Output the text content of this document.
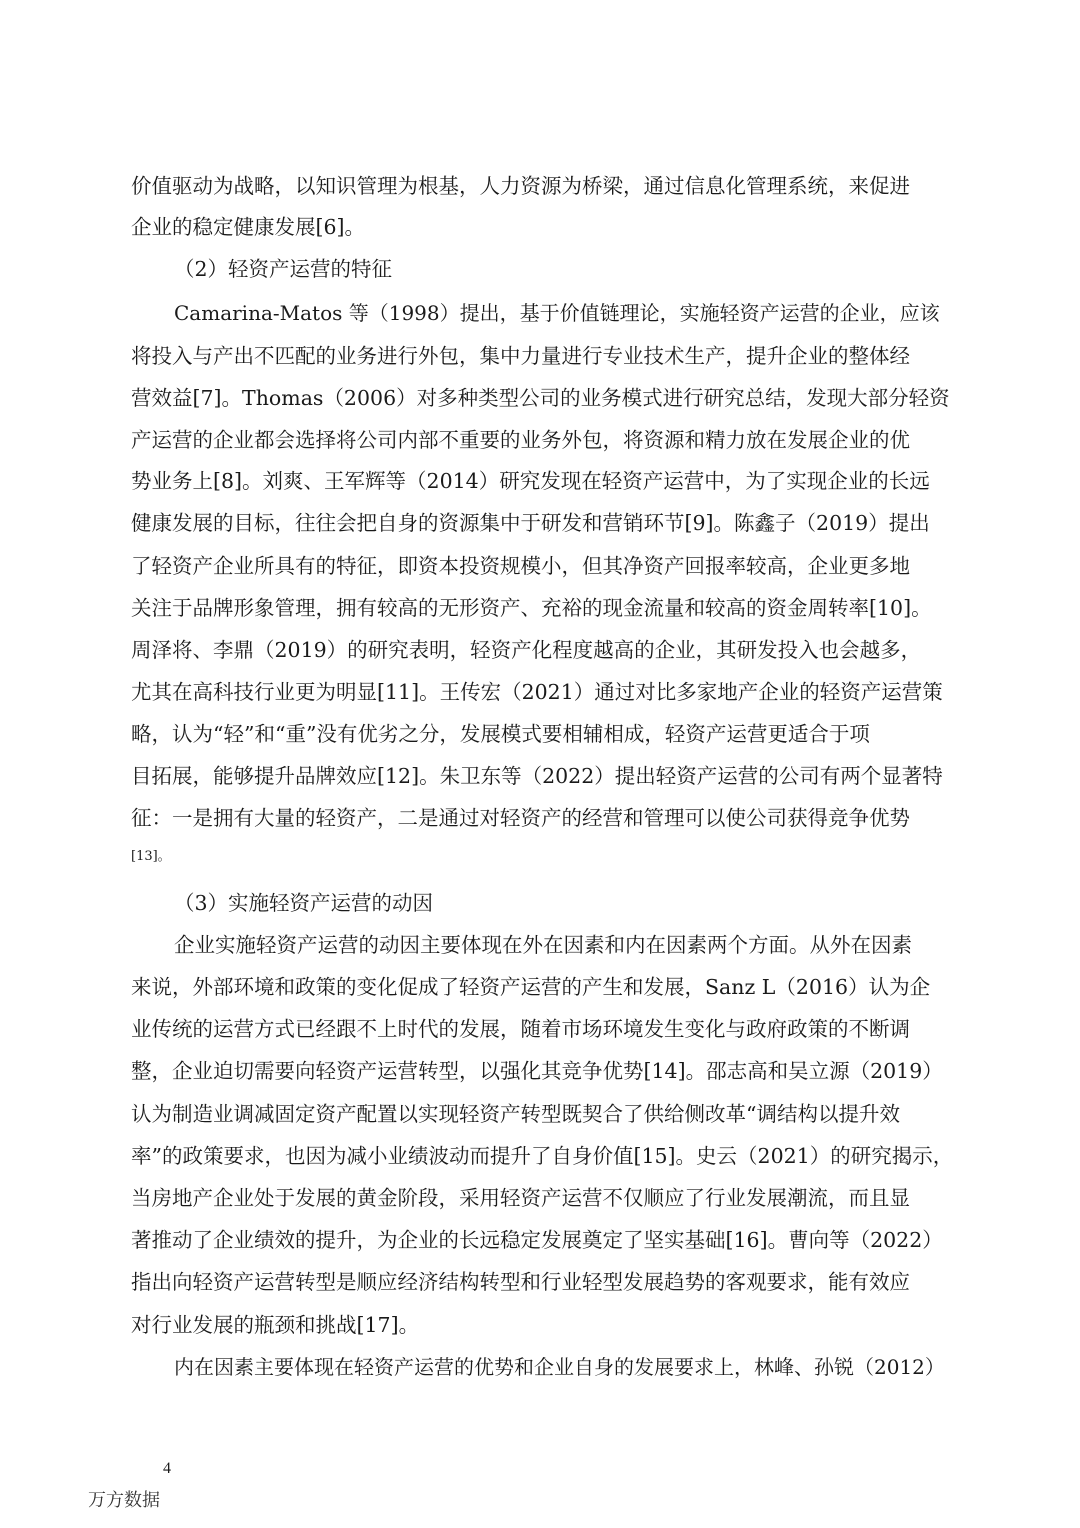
价值驱动为战略，以知识管理为根基，人力资源为桥梁，通过信息化管理系统，来促进
企业的稳定健康发展[6]。
（2）轻资产运营的特征
Camarina-Matos 等（1998）提出，基于价值链理论，实施轻资产运营的企业，应该
将投入与产出不匹配的业务进行外包，集中力量进行专业技术生产，提升企业的整体经
营效益[7]。Thomas（2006）对多种类型公司的业务模式进行研究总结，发现大部分轻资
产运营的企业都会选择将公司内部不重要的业务外包，将资源和精力放在发展企业的优
势业务上[8]。刘爽、王军辉等（2014）研究发现在轻资产运营中，为了实现企业的长远
健康发展的目标，往往会把自身的资源集中于研发和营销环节[9]。陈鑫子（2019）提出
了轻资产企业所具有的特征，即资本投资规模小，但其净资产回报率较高，企业更多地
关注于品牌形象管理，拥有较高的无形资产、充裕的现金流量和较高的资金周转率[10]。
周泽将、李鼎（2019）的研究表明，轻资产化程度越高的企业，其研发投入也会越多，
尤其在高科技行业更为明显[11]。王传宏（2021）通过对比多家地产企业的轻资产运营策
略，认为“轻”和“重”没有优劣之分，发展模式要相辅相成，轻资产运营更适合于项
目拓展，能够提升品牌效应[12]。朱卫东等（2022）提出轻资产运营的公司有两个显著特
征：一是拥有大量的轻资产，二是通过对轻资产的经营和管理可以使公司获得竞争优势
[13]。
（3）实施轻资产运营的动因
企业实施轻资产运营的动因主要体现在外在因素和内在因素两个方面。从外在因素
来说，外部环境和政策的变化促成了轻资产运营的产生和发展，Sanz L（2016）认为企
业传统的运营方式已经跟不上时代的发展，随着市场环境发生变化与政府政策的不断调
整，企业迫切需要向轻资产运营转型，以强化其竞争优势[14]。邵志高和吴立源（2019）
认为制造业调减固定资产配置以实现轻资产转型既契合了供给侧改革“调结构以提升效
率”的政策要求，也因为减小业绩波动而提升了自身价值[15]。史云（2021）的研究揭示，
当房地产企业处于发展的黄金阶段，采用轻资产运营不仅顺应了行业发展潮流，而且显
著推动了企业绩效的提升，为企业的长远稳定发展奠定了坚实基础[16]。曹向等（2022）
指出向轻资产运营转型是顺应经济结构转型和行业轻型发展趋势的客观要求，能有效应
对行业发展的瓶颈和挑战[17]。
内在因素主要体现在轻资产运营的优势和企业自身的发展要求上，林峰、孙锐（2012）
4
万方数据
